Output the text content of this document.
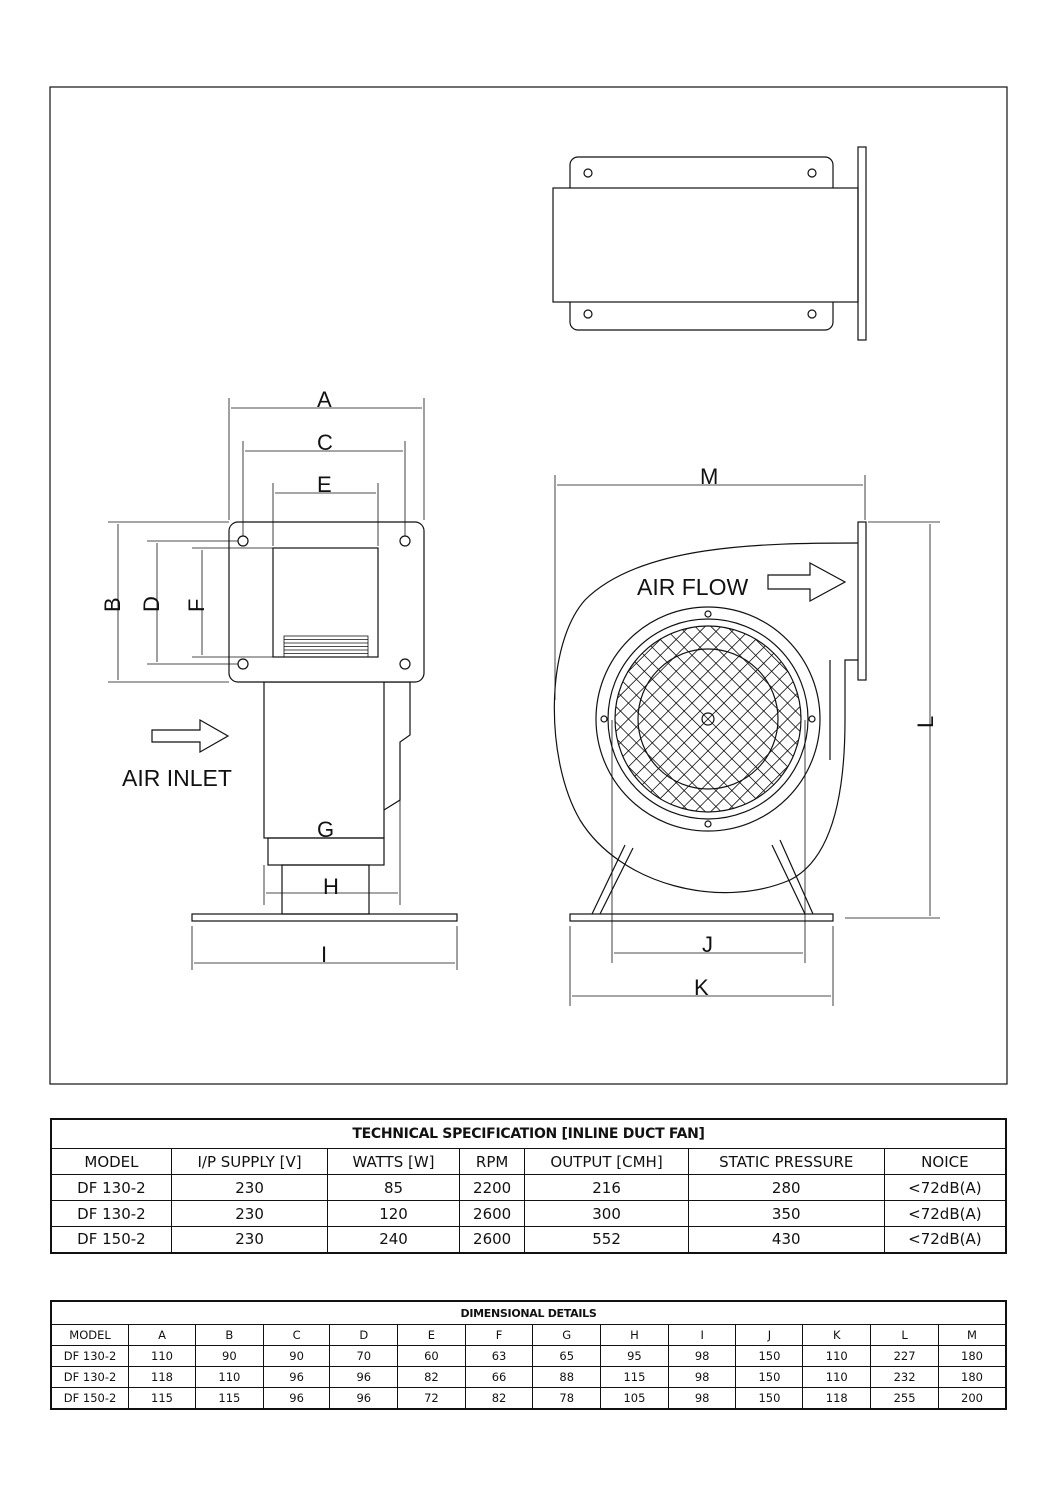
A
C
E
B D F
G
H
I
AIR INLET
M
L
J
K
AIR FLOW
TECHNICAL SPECIFICATION [INLINE DUCT FAN]						
MODEL	I/P SUPPLY [V]	WATTS [W]	RPM	OUTPUT [CMH]	STATIC PRESSURE	NOICE
DF 130-2	230	85	2200	216	280	<72dB(A)
DF 130-2	230	120	2600	300	350	<72dB(A)
DF 150-2	230	240	2600	552	430	<72dB(A)
DIMENSIONAL DETAILS													
MODEL	A	B	C	D	E	F	G	H	I	J	K	L	M
DF 130-2	110	90	90	70	60	63	65	95	98	150	110	227	180
DF 130-2	118	110	96	96	82	66	88	115	98	150	110	232	180
DF 150-2	115	115	96	96	72	82	78	105	98	150	118	255	200
